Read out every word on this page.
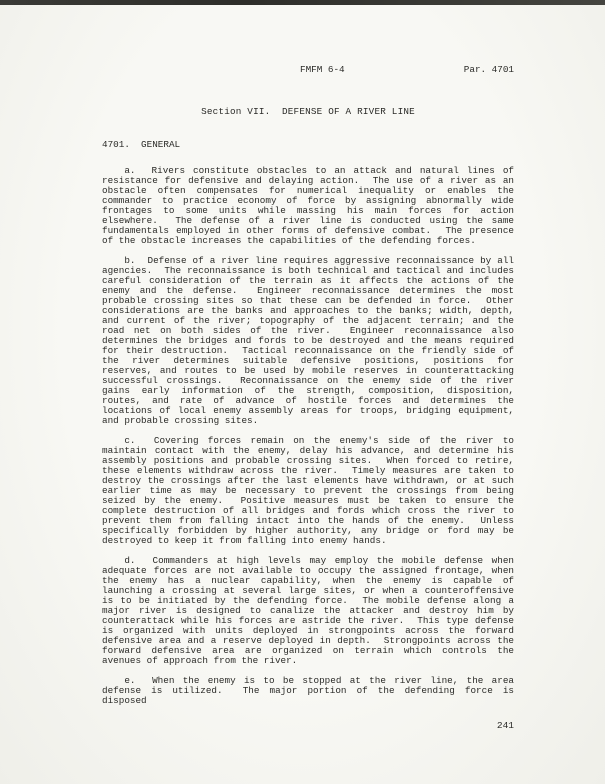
FMFM 6-4	Par. 4701
Section VII.  DEFENSE OF A RIVER LINE
4701.  GENERAL

a.  Rivers constitute obstacles to an attack and natural lines of resistance for defensive and delaying action.  The use of a river as an obstacle often compensates for numerical inequality or enables the commander to practice economy of force by assigning abnormally wide frontages to some units while massing his main forces for action elsewhere.  The defense of a river line is conducted using the same fundamentals employed in other forms of defensive combat.  The presence of the obstacle increases the capabilities of the defending forces.

b.  Defense of a river line requires aggressive reconnaissance by all agencies.  The reconnaissance is both technical and tactical and includes careful consideration of the terrain as it affects the actions of the enemy and the defense.  Engineer reconnaissance determines the most probable crossing sites so that these can be defended in force.  Other considerations are the banks and approaches to the banks; width, depth, and current of the river; topography of the adjacent terrain; and the road net on both sides of the river.  Engineer reconnaissance also determines the bridges and fords to be destroyed and the means required for their destruction.  Tactical reconnaissance on the friendly side of the river determines suitable defensive positions, positions for reserves, and routes to be used by mobile reserves in counterattacking successful crossings.  Reconnaissance on the enemy side of the river gains early information of the strength, composition, disposition, routes, and rate of advance of hostile forces and determines the locations of local enemy assembly areas for troops, bridging equipment, and probable crossing sites.

c.  Covering forces remain on the enemy's side of the river to maintain contact with the enemy, delay his advance, and determine his assembly positions and probable crossing sites.  When forced to retire, these elements withdraw across the river.  Timely measures are taken to destroy the crossings after the last elements have withdrawn, or at such earlier time as may be necessary to prevent the crossings from being seized by the enemy.  Positive measures must be taken to ensure the complete destruction of all bridges and fords which cross the river to prevent them from falling intact into the hands of the enemy.  Unless specifically forbidden by higher authority, any bridge or ford may be destroyed to keep it from falling into enemy hands.

d.  Commanders at high levels may employ the mobile defense when adequate forces are not available to occupy the assigned frontage, when the enemy has a nuclear capability, when the enemy is capable of launching a crossing at several large sites, or when a counteroffensive is to be initiated by the defending force.  The mobile defense along a major river is designed to canalize the attacker and destroy him by counterattack while his forces are astride the river.  This type defense is organized with units deployed in strongpoints across the forward defensive area and a reserve deployed in depth.  Strongpoints across the forward defensive area are organized on terrain which controls the avenues of approach from the river.

e.  When the enemy is to be stopped at the river line, the area defense is utilized.  The major portion of the defending force is disposed

241
